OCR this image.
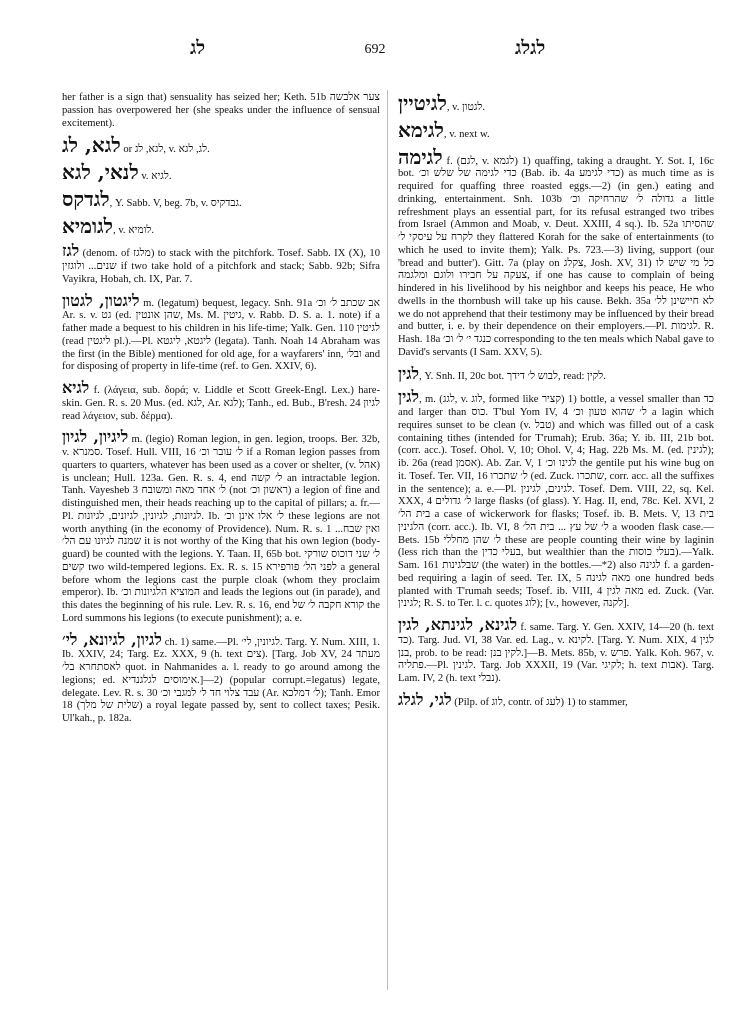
לג	692	לגלג

her father is a sign that) sensuality has seized her; Keth. 51b צער אלבשה passion has overpowered her (she speaks under the influence of sensual excitement).

לגא, לג or לגא, לג, v. לג, לגא.
לנאי, לגא v. לגיא.
לגדקס, Y. Sabb. V, beg. 7b, v. גבדקיס.
לגומיא, v. לומיא.
לגז (denom. of מלגז) to stack with the pitchfork. Tosef. Sabb. IX (X), 10 שנים... ולוגזין if two take hold of a pitchfork and stack; Sabb. 92b; Sifra Vayikra, Hobah, ch. IX, Par. 7.
ליגטון, לגטון m. (legatum) bequest, legacy. Snh. 91a אב שכתב ל׳ וכ׳ Ar. s. v. גט (ed. שהן אונטין, Ms. M. גיטין, v. Rabb. D. S. a. 1. note) if a father made a bequest to his children in his life-time; Yalk. Gen. 110 לגיטין (read ליגטין pl.).—Pl. ליגטא, ליגטא (legata). Tanh. Noah 14 Abraham was the first (in the Bible) mentioned for old age, for a wayfarers' inn, ובל׳ and for disposing of property in life-time (ref. to Gen. XXIV, 6).
לגיא f. (λάγεια, sub. δορά; v. Liddle et Scott Greek-Engl. Lex.) hare-skin. Gen. R. s. 20 Mus. (ed. לגא, Ar. לגא); Tanh., ed. Bub., B'resh. 24 לגיון read λάγειον, sub. δέρμα).
ליגיון, לגיון m. (legio) Roman legion, in gen. legion, troops. Ber. 32b, v. סמנרא. Tosef. Hull. VIII, 16 ל׳ עובר וכ׳ if a Roman legion passes from quarters to quarters, whatever has been used as a cover or shelter, (v. אהל) is unclean; Hull. 123a. Gen. R. s. 4, end ל׳ קשה an intractable legion. Tanh. Vayesheb 3 ל׳ אחד מאה ומשובח (not ראשון וכ׳) a legion of fine and distinguished men, their heads reaching up to the capital of pillars; a. fr.—Pl. לגיונות, לגיונין, לגיונים, לגיונות. Ib. ל׳ אלו אינן וכ׳ these legions are not worth anything (in the economy of Providence). Num. R. s. 1 ואין שבח... שמנה לגיונו עם הל׳ it is not worthy of the King that his own legion (body-guard) be counted with the legions. Y. Taan. II, 65b bot. ל׳ שני דוכוס שורקי קשים two wild-tempered legions. Ex. R. s. 15 לפני הל׳ פורפירא a general before whom the legions cast the purple cloak (whom they proclaim emperor). Ib. המוציא הלגיונות וכ׳ and leads the legions out (in parade), and this dates the beginning of his rule. Lev. R. s. 16, end קורא חקבה ל׳ של the Lord summons his legions (to execute punishment); a. e.
לגיון, לגיונא, לי׳ ch. 1) same.—Pl. לגיונין, לי׳. Targ. Y. Num. XIII, 1. Ib. XXIV, 24; Targ. Ez. XXX, 9 (h. text צים). [Targ. Job XV, 24 מעתד לאסתחרא בל׳ quot. in Nahmanides a. l. ready to go around among the legions; ed. אימוסים לגלגנדיא.]—2) (popular corrupt.=legatus) legate, delegate. Lev. R. s. 30 עבד צלוי חד ל׳ למגבי וכ׳ (Ar. ל׳ דמלכא); Tanh. Emor 18 (שלית של מלך) a royal legate passed by, sent to collect taxes; Pesik. Ul'kah., p. 182a.
לגיטיין, v. לגטון.
לגימא, v. next w.
לגימה f. (לגם, v. לגמא) 1) quaffing, taking a draught. Y. Sot. I, 16c bot. כדי לגימה של שלש וכ׳ (Bab. ib. 4a כדי לגימע) as much time as is required for quaffing three roasted eggs.—2) (in gen.) eating and drinking, entertainment. Snh. 103b גדולה ל׳ שהרחיקה וכ׳ a little refreshment plays an essential part, for its refusal estranged two tribes from Israel (Ammon and Moab, v. Deut. XXIII, 4 sq.). Ib. 52a שהסיתו לקרח על עיסקי ל׳ they flattered Korah for the sake of entertainments (to which he used to invite them); Yalk. Ps. 723.—3) living, support (our 'bread and butter'). Gitt. 7a (play on צקלג, Josh. XV, 31) כל מי שיש לו צעקה על חבירו ולוגם ומלגמה, if one has cause to complain of being hindered in his livelihood by his neighbor and keeps his peace, He who dwells in the thornbush will take up his cause. Bekh. 35a לא חיישינן לל׳ we do not apprehend that their testimony may be influenced by their bread and butter, i. e. by their dependence on their employers.—Pl. לגימות. R. Hash. 18a כנגד י׳ ל׳ וכ׳ corresponding to the ten meals which Nabal gave to David's servants (I Sam. XXV, 5).
לגין, Y. Snh. II, 20c bot. לבוש ל׳ דידך, read: לקין.
לגין, m. (לגג, v. לוג, formed like קציר) 1) bottle, a vessel smaller than כד and larger than כוס. T'bul Yom IV, 4 ל׳ שהוא טעון וכ׳ a lagin which requires sunset to be clean (v. טבל) and which was filled out of a cask containing tithes (intended for T'rumah); Erub. 36a; Y. ib. III, 21b bot. (corr. acc.). Tosef. Ohol. V, 10; Ohol. V, 4; Hag. 22b Ms. M. (ed. לגינין); ib. 26a (read אסמן). Ab. Zar. V, 1 לגינו וכ׳ the gentile put his wine bug on it. Tosef. Ter. VII, 16 ל׳ שתכרו (ed. Zuck. שתכרו, corr. acc. all the suffixes in the sentence); a. e.—Pl. לגינים, לגינין. Tosef. Dem. VIII, 22, sq. Kel. XXX, 4 ל׳ גדולים large flasks (of glass). Y. Hag. II, end, 78c. Kel. XVI, 2 בית הל׳ a case of wickerwork for flasks; Tosef. ib. B. Mets. V, 13 בית הלגינין (corr. acc.). Ib. VI, 8 ל׳ של עץ ... בית הל׳ a wooden flask case.—Bets. 15b ל׳ שהן מחללי these are people counting their wine by laginin (less rich than the בעלי כדין, but wealthier than the בעלי כוסות).—Yalk. Sam. 161 שבלגינות (the water) in the bottles.—*2) also לגינה f. a garden-bed requiring a lagin of seed. Ter. IX, 5 מאה לגינה one hundred beds planted with T'rumah seeds; Tosef. ib. VIII, 4 מאה לגין ed. Zuck. (Var. לגינין; R. S. to Ter. l. c. quotes לוג); [v., however, לקנה].
לגינא, לגינתא, לגין f. same. Targ. Y. Gen. XXIV, 14—20 (h. text כד). Targ. Jud. VI, 38 Var. ed. Lag., v. לקינא. [Targ. Y. Num. XIX, 4 לגין בנן, prob. to be read: לקין בנן.]—B. Mets. 85b, v. פרש. Yalk. Koh. 967, v. פתליה.—Pl. לגינין. Targ. Job XXXII, 19 (Var. לקיגי; h. text אבות). Targ. Lam. IV, 2 (h. text נבלי).
לגי, לגלג (Pilp. of לוג, contr. of לעג) 1) to stammer,
